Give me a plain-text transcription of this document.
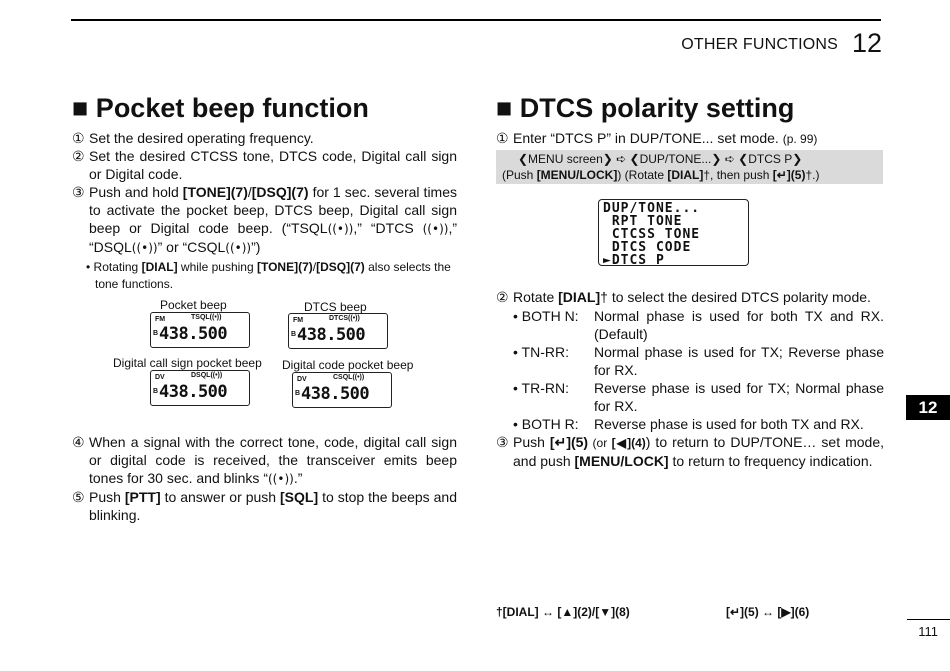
OTHER FUNCTIONS 12
■ Pocket beep function
① Set the desired operating frequency.
② Set the desired CTCSS tone, DTCS code, Digital call sign or Digital code.
③ Push and hold [TONE](7)/[DSQ](7) for 1 sec. several times to activate the pocket beep, DTCS beep, Digital call sign beep or Digital code beep. (“TSQL((•)),” “DTCS ((•)),” “DSQL((•))” or “CSQL((•))”)
• Rotating [DIAL] while pushing [TONE](7)/[DSQ](7) also selects the tone functions.
Pocket beep
FM	TSQL((•))
B 438.500
DTCS beep
FM	DTCS((•))
B 438.500
Digital call sign pocket beep
DV	DSQL((•))
B 438.500
Digital code pocket beep
DV	CSQL((•))
B 438.500
④ When a signal with the correct tone, code, digital call sign or digital code is received, the transceiver emits beep tones for 30 sec. and blinks “((•)).”
⑤ Push [PTT] to answer or push [SQL] to stop the beeps and blinking.
■ DTCS polarity setting
① Enter “DTCS P” in DUP/TONE... set mode. (p. 99)
❮MENU screen❯ ➪ ❮DUP/TONE...❯ ➪ ❮DTCS P❯
(Push [MENU/LOCK]) (Rotate [DIAL]†, then push [↵](5)†.)
DUP/TONE...
RPT TONE
CTCSS TONE
DTCS CODE
►DTCS P
② Rotate [DIAL]† to select the desired DTCS polarity mode.
• BOTH N:	Normal phase is used for both TX and RX. (Default)
• TN-RR:	Normal phase is used for TX; Reverse phase for RX.
• TR-RN:	Reverse phase is used for TX; Normal phase for RX.
• BOTH R:	Reverse phase is used for both TX and RX.
③ Push [↵](5) (or [◀](4)) to return to DUP/TONE… set mode, and push [MENU/LOCK] to return to frequency indication.
12
†[DIAL] ↔ [▲](2)/[▼](8)	[↵](5) ↔ [▶](6)
111
